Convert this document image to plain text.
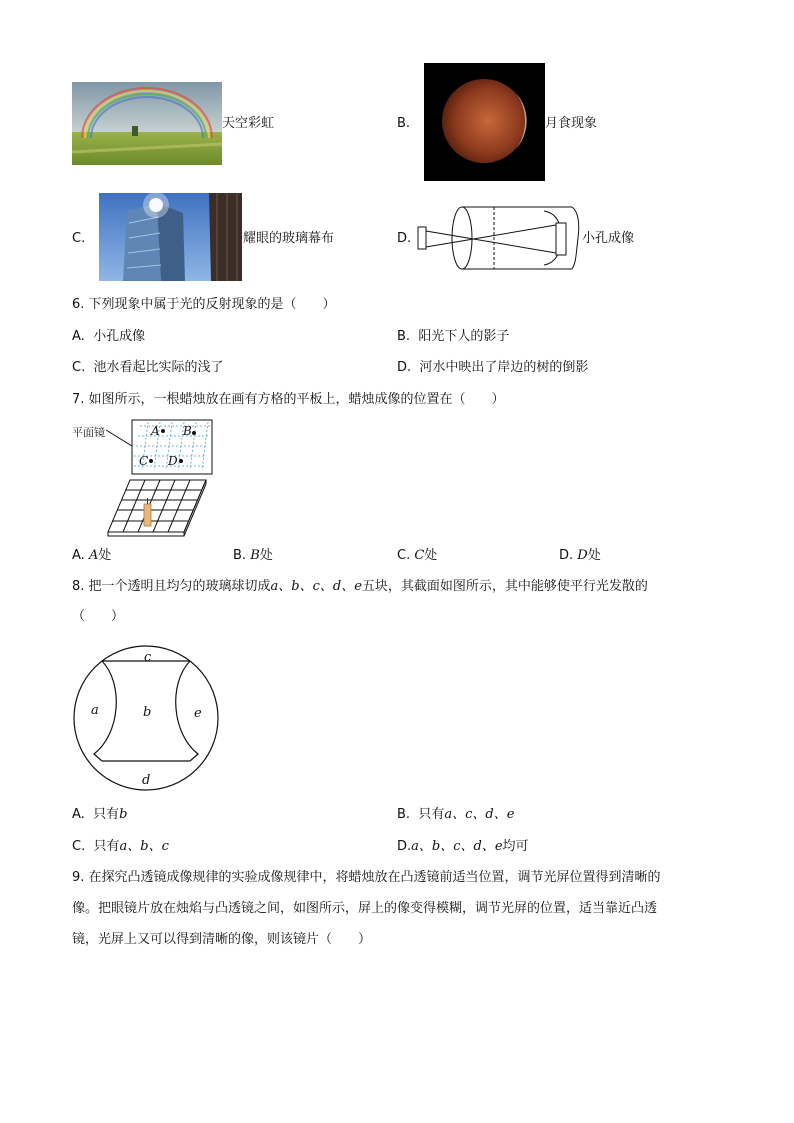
天空彩虹	B.	月食现象
C.	耀眼的玻璃幕布	D.	小孔成像
6. 下列现象中属于光的反射现象的是（　　）
A. 小孔成像	B. 阳光下人的影子
C. 池水看起比实际的浅了	D. 河水中映出了岸边的树的倒影
7. 如图所示，一根蜡烛放在画有方格的平板上，蜡烛成像的位置在（　　）
平面镜	A B
C D
A. A处	B. B处	C. C处	D. D处
8. 把一个透明且均匀的玻璃球切成a、b、c、d、e五块，其截面如图所示，其中能够使平行光发散的
（　　）
c
a	b	e
d
A. 只有b	B. 只有a、c、d、e
C. 只有a、b、c	D.a、b、c、d、e均可
9. 在探究凸透镜成像规律的实验成像规律中，将蜡烛放在凸透镜前适当位置，调节光屏位置得到清晰的
像。把眼镜片放在烛焰与凸透镜之间，如图所示，屏上的像变得模糊，调节光屏的位置，适当靠近凸透
镜，光屏上又可以得到清晰的像，则该镜片（　　）
